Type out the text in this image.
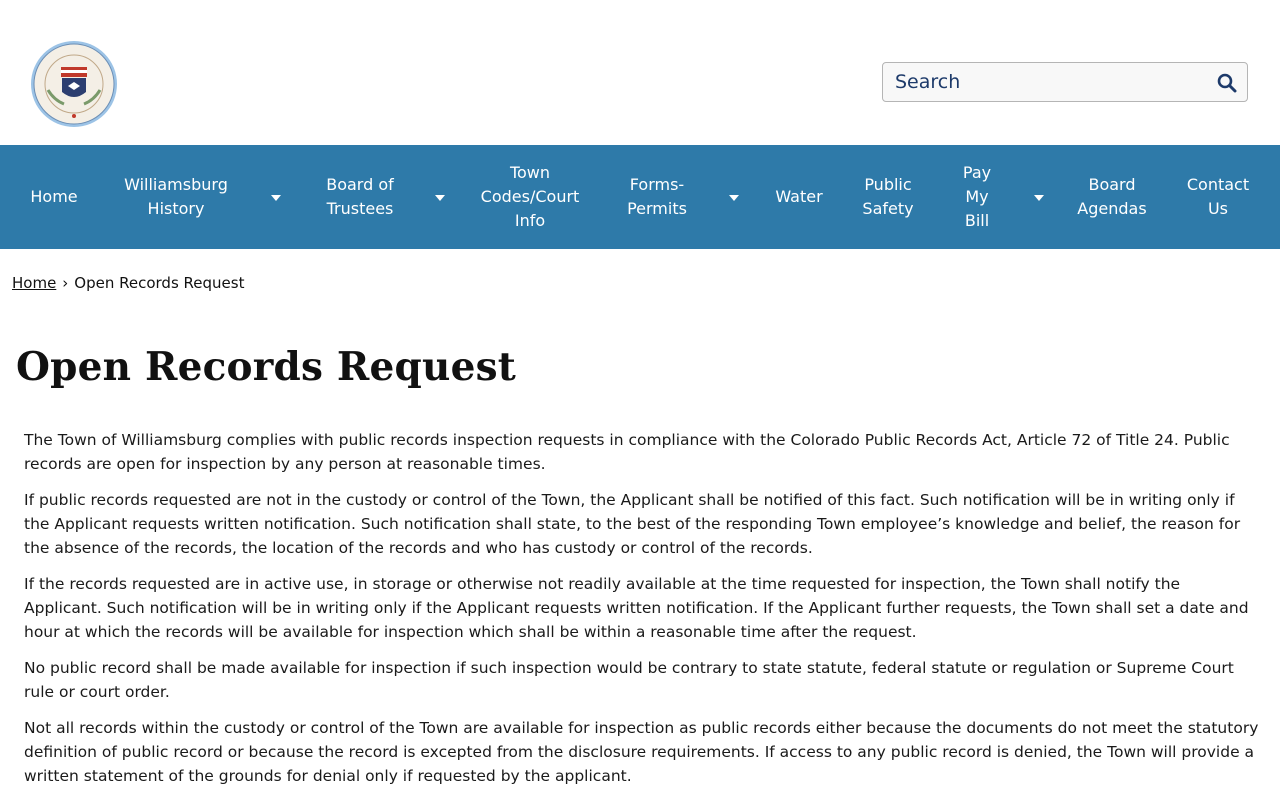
Search
Home
Williamsburg History
Board of Trustees
Town Codes/Court Info
Forms-Permits
Water
Public Safety
Pay My Bill
Board Agendas
Contact Us
Home › Open Records Request
Open Records Request

The Town of Williamsburg complies with public records inspection requests in compliance with the Colorado Public Records Act, Article 72 of Title 24. Public records are open for inspection by any person at reasonable times.

If public records requested are not in the custody or control of the Town, the Applicant shall be notified of this fact. Such notification will be in writing only if the Applicant requests written notification. Such notification shall state, to the best of the responding Town employee’s knowledge and belief, the reason for the absence of the records, the location of the records and who has custody or control of the records.

If the records requested are in active use, in storage or otherwise not readily available at the time requested for inspection, the Town shall notify the Applicant. Such notification will be in writing only if the Applicant requests written notification. If the Applicant further requests, the Town shall set a date and hour at which the records will be available for inspection which shall be within a reasonable time after the request.

No public record shall be made available for inspection if such inspection would be contrary to state statute, federal statute or regulation or Supreme Court rule or court order.

Not all records within the custody or control of the Town are available for inspection as public records either because the documents do not meet the statutory definition of public record or because the record is excepted from the disclosure requirements. If access to any public record is denied, the Town will provide a written statement of the grounds for denial only if requested by the applicant.
